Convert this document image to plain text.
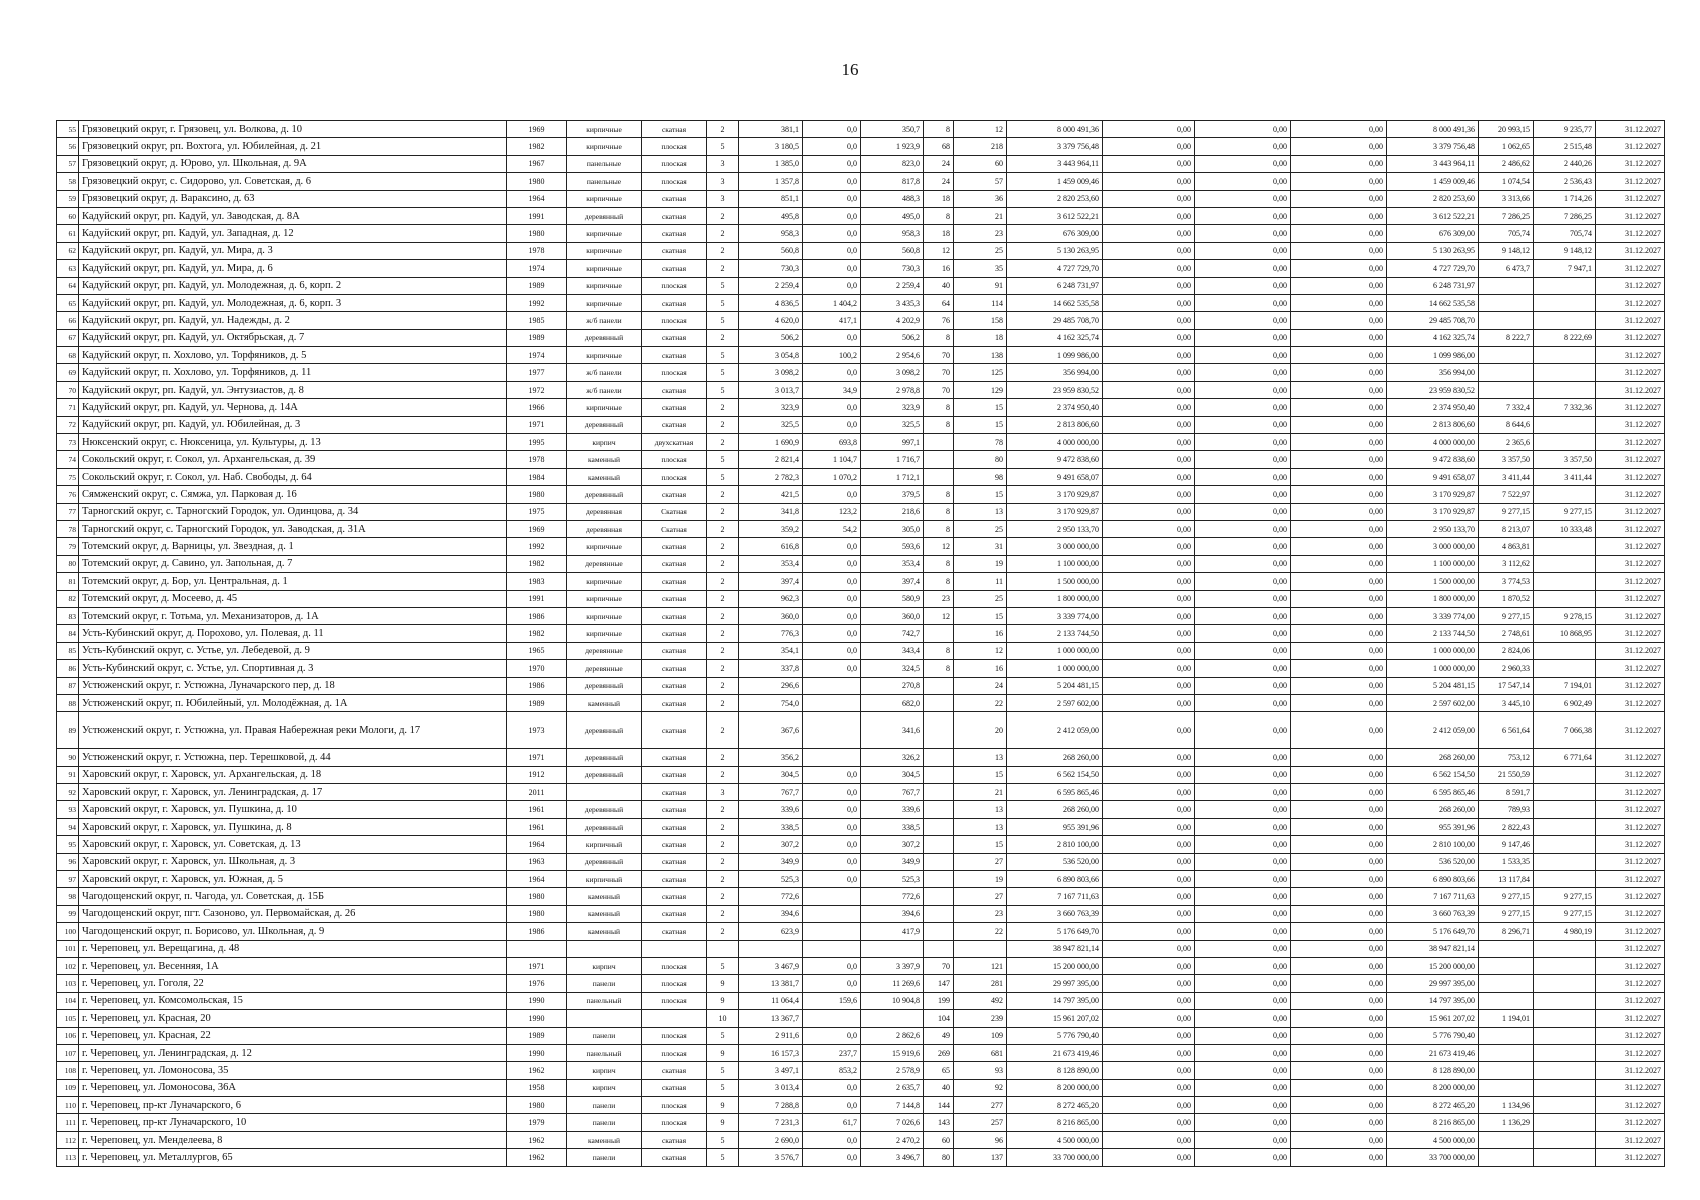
16
55	Грязовецкий округ, г. Грязовец, ул. Волкова, д. 10	1969	кирпичные	скатная	2	381,1	0,0	350,7	8	12	8 000 491,36	0,00	0,00	0,00	8 000 491,36	20 993,15	9 235,77	31.12.2027
56	Грязовецкий округ, рп. Вохтога, ул. Юбилейная, д. 21	1982	кирпичные	плоская	5	3 180,5	0,0	1 923,9	68	218	3 379 756,48	0,00	0,00	0,00	3 379 756,48	1 062,65	2 515,48	31.12.2027
57	Грязовецкий округ, д. Юрово, ул. Школьная, д. 9А	1967	панельные	плоская	3	1 385,0	0,0	823,0	24	60	3 443 964,11	0,00	0,00	0,00	3 443 964,11	2 486,62	2 440,26	31.12.2027
58	Грязовецкий округ, с. Сидорово, ул. Советская, д. 6	1980	панельные	плоская	3	1 357,8	0,0	817,8	24	57	1 459 009,46	0,00	0,00	0,00	1 459 009,46	1 074,54	2 536,43	31.12.2027
59	Грязовецкий округ, д. Вараксино, д. 63	1964	кирпичные	скатная	3	851,1	0,0	488,3	18	36	2 820 253,60	0,00	0,00	0,00	2 820 253,60	3 313,66	1 714,26	31.12.2027
60	Кадуйский округ, рп. Кадуй, ул. Заводская, д. 8А	1991	деревянный	скатная	2	495,8	0,0	495,0	8	21	3 612 522,21	0,00	0,00	0,00	3 612 522,21	7 286,25	7 286,25	31.12.2027
61	Кадуйский округ, рп. Кадуй, ул. Западная, д. 12	1980	кирпичные	скатная	2	958,3	0,0	958,3	18	23	676 309,00	0,00	0,00	0,00	676 309,00	705,74	705,74	31.12.2027
62	Кадуйский округ, рп. Кадуй, ул. Мира, д. 3	1978	кирпичные	скатная	2	560,8	0,0	560,8	12	25	5 130 263,95	0,00	0,00	0,00	5 130 263,95	9 148,12	9 148,12	31.12.2027
63	Кадуйский округ, рп. Кадуй, ул. Мира, д. 6	1974	кирпичные	скатная	2	730,3	0,0	730,3	16	35	4 727 729,70	0,00	0,00	0,00	4 727 729,70	6 473,7	7 947,1	31.12.2027
64	Кадуйский округ, рп. Кадуй, ул. Молодежная, д. 6, корп. 2	1989	кирпичные	плоская	5	2 259,4	0,0	2 259,4	40	91	6 248 731,97	0,00	0,00	0,00	6 248 731,97			31.12.2027
65	Кадуйский округ, рп. Кадуй, ул. Молодежная, д. 6, корп. 3	1992	кирпичные	скатная	5	4 836,5	1 404,2	3 435,3	64	114	14 662 535,58	0,00	0,00	0,00	14 662 535,58			31.12.2027
66	Кадуйский округ, рп. Кадуй, ул. Надежды, д. 2	1985	ж/б панели	плоская	5	4 620,0	417,1	4 202,9	76	158	29 485 708,70	0,00	0,00	0,00	29 485 708,70			31.12.2027
67	Кадуйский округ, рп. Кадуй, ул. Октябрьская, д. 7	1989	деревянный	скатная	2	506,2	0,0	506,2	8	18	4 162 325,74	0,00	0,00	0,00	4 162 325,74	8 222,7	8 222,69	31.12.2027
68	Кадуйский округ, п. Хохлово, ул. Торфяников, д. 5	1974	кирпичные	скатная	5	3 054,8	100,2	2 954,6	70	138	1 099 986,00	0,00	0,00	0,00	1 099 986,00			31.12.2027
69	Кадуйский округ, п. Хохлово, ул. Торфяников, д. 11	1977	ж/б панели	плоская	5	3 098,2	0,0	3 098,2	70	125	356 994,00	0,00	0,00	0,00	356 994,00			31.12.2027
70	Кадуйский округ, рп. Кадуй, ул. Энтузиастов, д. 8	1972	ж/б панели	скатная	5	3 013,7	34,9	2 978,8	70	129	23 959 830,52	0,00	0,00	0,00	23 959 830,52			31.12.2027
71	Кадуйский округ, рп. Кадуй, ул. Чернова, д. 14А	1966	кирпичные	скатная	2	323,9	0,0	323,9	8	15	2 374 950,40	0,00	0,00	0,00	2 374 950,40	7 332,4	7 332,36	31.12.2027
72	Кадуйский округ, рп. Кадуй, ул. Юбилейная, д. 3	1971	деревянный	скатная	2	325,5	0,0	325,5	8	15	2 813 806,60	0,00	0,00	0,00	2 813 806,60	8 644,6		31.12.2027
73	Нюксенский округ, с. Нюксеница, ул. Культуры, д. 13	1995	кирпич	двухскатная	2	1 690,9	693,8	997,1		78	4 000 000,00	0,00	0,00	0,00	4 000 000,00	2 365,6		31.12.2027
74	Сокольский округ, г. Сокол, ул. Архангельская, д. 39	1978	каменный	плоская	5	2 821,4	1 104,7	1 716,7		80	9 472 838,60	0,00	0,00	0,00	9 472 838,60	3 357,50	3 357,50	31.12.2027
75	Сокольский округ, г. Сокол, ул. Наб. Свободы, д. 64	1984	каменный	плоская	5	2 782,3	1 070,2	1 712,1		98	9 491 658,07	0,00	0,00	0,00	9 491 658,07	3 411,44	3 411,44	31.12.2027
76	Сямженский округ, с. Сямжа, ул. Парковая д. 16	1980	деревянный	скатная	2	421,5	0,0	379,5	8	15	3 170 929,87	0,00	0,00	0,00	3 170 929,87	7 522,97		31.12.2027
77	Тарногский округ, с. Тарногский Городок, ул. Одинцова, д. 34	1975	деревянная	Скатная	2	341,8	123,2	218,6	8	13	3 170 929,87	0,00	0,00	0,00	3 170 929,87	9 277,15	9 277,15	31.12.2027
78	Тарногский округ, с. Тарногский Городок, ул. Заводская, д. 31А	1969	деревянная	Скатная	2	359,2	54,2	305,0	8	25	2 950 133,70	0,00	0,00	0,00	2 950 133,70	8 213,07	10 333,48	31.12.2027
79	Тотемский округ, д. Варницы, ул. Звездная, д. 1	1992	кирпичные	скатная	2	616,8	0,0	593,6	12	31	3 000 000,00	0,00	0,00	0,00	3 000 000,00	4 863,81		31.12.2027
80	Тотемский округ, д. Савино, ул. Запольная, д. 7	1982	деревянные	скатная	2	353,4	0,0	353,4	8	19	1 100 000,00	0,00	0,00	0,00	1 100 000,00	3 112,62		31.12.2027
81	Тотемский округ, д. Бор, ул. Центральная, д. 1	1983	кирпичные	скатная	2	397,4	0,0	397,4	8	11	1 500 000,00	0,00	0,00	0,00	1 500 000,00	3 774,53		31.12.2027
82	Тотемский округ, д. Мосеево, д. 45	1991	кирпичные	скатная	2	962,3	0,0	580,9	23	25	1 800 000,00	0,00	0,00	0,00	1 800 000,00	1 870,52		31.12.2027
83	Тотемский округ, г. Тотьма, ул. Механизаторов, д. 1А	1986	кирпичные	скатная	2	360,0	0,0	360,0	12	15	3 339 774,00	0,00	0,00	0,00	3 339 774,00	9 277,15	9 278,15	31.12.2027
84	Усть-Кубинский округ, д. Порохово, ул. Полевая, д. 11	1982	кирпичные	скатная	2	776,3	0,0	742,7		16	2 133 744,50	0,00	0,00	0,00	2 133 744,50	2 748,61	10 868,95	31.12.2027
85	Усть-Кубинский округ, с. Устье, ул. Лебедевой, д. 9	1965	деревянные	скатная	2	354,1	0,0	343,4	8	12	1 000 000,00	0,00	0,00	0,00	1 000 000,00	2 824,06		31.12.2027
86	Усть-Кубинский округ, с. Устье, ул. Спортивная д. 3	1970	деревянные	скатная	2	337,8	0,0	324,5	8	16	1 000 000,00	0,00	0,00	0,00	1 000 000,00	2 960,33		31.12.2027
87	Устюженский округ, г. Устюжна, Луначарского пер, д. 18	1986	деревянный	скатная	2	296,6		270,8		24	5 204 481,15	0,00	0,00	0,00	5 204 481,15	17 547,14	7 194,01	31.12.2027
88	Устюженский округ, п. Юбилейный, ул. Молодёжная, д. 1А	1989	каменный	скатная	2	754,0		682,0		22	2 597 602,00	0,00	0,00	0,00	2 597 602,00	3 445,10	6 902,49	31.12.2027
89	Устюженский округ, г. Устюжна, ул. Правая Набережная реки Мологи, д. 17	1973	деревянный	скатная	2	367,6		341,6		20	2 412 059,00	0,00	0,00	0,00	2 412 059,00	6 561,64	7 066,38	31.12.2027
90	Устюженский округ, г. Устюжна, пер. Терешковой, д. 44	1971	деревянный	скатная	2	356,2		326,2		13	268 260,00	0,00	0,00	0,00	268 260,00	753,12	6 771,64	31.12.2027
91	Харовский округ, г. Харовск, ул. Архангельская, д. 18	1912	деревянный	скатная	2	304,5	0,0	304,5		15	6 562 154,50	0,00	0,00	0,00	6 562 154,50	21 550,59		31.12.2027
92	Харовский округ, г. Харовск, ул. Ленинградская, д. 17	2011		скатная	3	767,7	0,0	767,7		21	6 595 865,46	0,00	0,00	0,00	6 595 865,46	8 591,7		31.12.2027
93	Харовский округ, г. Харовск, ул. Пушкина, д. 10	1961	деревянный	скатная	2	339,6	0,0	339,6		13	268 260,00	0,00	0,00	0,00	268 260,00	789,93		31.12.2027
94	Харовский округ, г. Харовск, ул. Пушкина, д. 8	1961	деревянный	скатная	2	338,5	0,0	338,5		13	955 391,96	0,00	0,00	0,00	955 391,96	2 822,43		31.12.2027
95	Харовский округ, г. Харовск, ул. Советская, д. 13	1964	кирпичный	скатная	2	307,2	0,0	307,2		15	2 810 100,00	0,00	0,00	0,00	2 810 100,00	9 147,46		31.12.2027
96	Харовский округ, г. Харовск, ул. Школьная, д. 3	1963	деревянный	скатная	2	349,9	0,0	349,9		27	536 520,00	0,00	0,00	0,00	536 520,00	1 533,35		31.12.2027
97	Харовский округ, г. Харовск, ул. Южная, д. 5	1964	кирпичный	скатная	2	525,3	0,0	525,3		19	6 890 803,66	0,00	0,00	0,00	6 890 803,66	13 117,84		31.12.2027
98	Чагодощенский округ, п. Чагода, ул. Советская, д. 15Б	1980	каменный	скатная	2	772,6		772,6		27	7 167 711,63	0,00	0,00	0,00	7 167 711,63	9 277,15	9 277,15	31.12.2027
99	Чагодощенский округ, пгт. Сазоново, ул. Первомайская, д. 26	1980	каменный	скатная	2	394,6		394,6		23	3 660 763,39	0,00	0,00	0,00	3 660 763,39	9 277,15	9 277,15	31.12.2027
100	Чагодощенский округ, п. Борисово, ул. Школьная, д. 9	1986	каменный	скатная	2	623,9		417,9		22	5 176 649,70	0,00	0,00	0,00	5 176 649,70	8 296,71	4 980,19	31.12.2027
101	г. Череповец, ул. Верещагина, д. 48										38 947 821,14	0,00	0,00	0,00	38 947 821,14			31.12.2027
102	г. Череповец, ул. Весенняя, 1А	1971	кирпич	плоская	5	3 467,9	0,0	3 397,9	70	121	15 200 000,00	0,00	0,00	0,00	15 200 000,00			31.12.2027
103	г. Череповец, ул. Гоголя, 22	1976	панели	плоская	9	13 381,7	0,0	11 269,6	147	281	29 997 395,00	0,00	0,00	0,00	29 997 395,00			31.12.2027
104	г. Череповец, ул. Комсомольская, 15	1990	панельный	плоская	9	11 064,4	159,6	10 904,8	199	492	14 797 395,00	0,00	0,00	0,00	14 797 395,00			31.12.2027
105	г. Череповец, ул. Красная, 20	1990			10	13 367,7			104	239	15 961 207,02	0,00	0,00	0,00	15 961 207,02	1 194,01		31.12.2027
106	г. Череповец, ул. Красная, 22	1989	панели	плоская	5	2 911,6	0,0	2 862,6	49	109	5 776 790,40	0,00	0,00	0,00	5 776 790,40			31.12.2027
107	г. Череповец, ул. Ленинградская, д. 12	1990	панельный	плоская	9	16 157,3	237,7	15 919,6	269	681	21 673 419,46	0,00	0,00	0,00	21 673 419,46			31.12.2027
108	г. Череповец, ул. Ломоносова, 35	1962	кирпич	скатная	5	3 497,1	853,2	2 578,9	65	93	8 128 890,00	0,00	0,00	0,00	8 128 890,00			31.12.2027
109	г. Череповец, ул. Ломоносова, 36А	1958	кирпич	скатная	5	3 013,4	0,0	2 635,7	40	92	8 200 000,00	0,00	0,00	0,00	8 200 000,00			31.12.2027
110	г. Череповец, пр-кт Луначарского, 6	1980	панели	плоская	9	7 288,8	0,0	7 144,8	144	277	8 272 465,20	0,00	0,00	0,00	8 272 465,20	1 134,96		31.12.2027
111	г. Череповец, пр-кт Луначарского, 10	1979	панели	плоская	9	7 231,3	61,7	7 026,6	143	257	8 216 865,00	0,00	0,00	0,00	8 216 865,00	1 136,29		31.12.2027
112	г. Череповец, ул. Менделеева, 8	1962	каменный	скатная	5	2 690,0	0,0	2 470,2	60	96	4 500 000,00	0,00	0,00	0,00	4 500 000,00			31.12.2027
113	г. Череповец, ул. Металлургов, 65	1962	панели	скатная	5	3 576,7	0,0	3 496,7	80	137	33 700 000,00	0,00	0,00	0,00	33 700 000,00			31.12.2027
